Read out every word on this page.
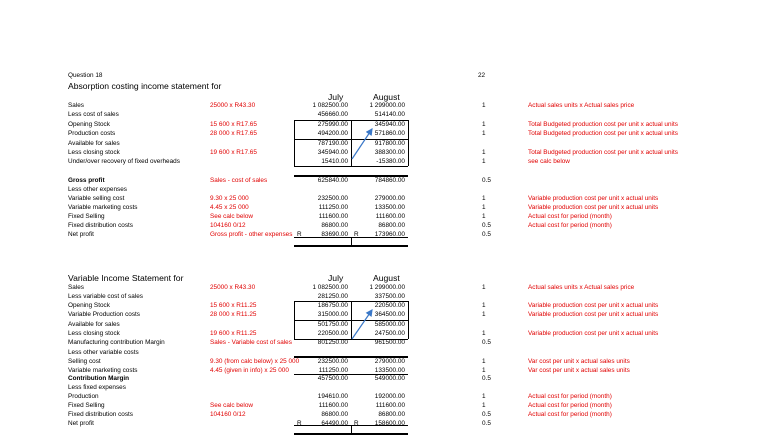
Question 18	22
Absorption costing income statement for
July	August
Sales	25000 x R43.30	1 082500.00	1 299000.00	1	Actual sales units x Actual sales price
Less cost of sales	456660.00	514140.00
Opening Stock	15 600 x R17.65	275990.00	345940.00	1	Total Budgeted production cost per unit x actual units
Production costs	28 000 x R17.65	494200.00	571860.00	1	Total Budgeted production cost per unit x actual units
Available for sales	787190.00	917800.00
Less closing stock	19 600 x R17.65	345940.00	388300.00	1	Total Budgeted production cost per unit x actual units
Under/over recovery of fixed overheads	15410.00	-15380.00	1	see calc below
Gross profit	Sales - cost of sales	625840.00	784860.00	0.5
Less other expenses
Variable selling cost	9.30 x 25 000	232500.00	279000.00	1	Variable production cost per unit x actual units
Variable marketing costs	4.45 x 25 000	111250.00	133500.00	1	Variable production cost per unit x actual units
Fixed Selling	See calc below	111600.00	111600.00	1	Actual cost for period (month)
Fixed distribution costs	104160 0/12	86800.00	86800.00	0.5	Actual cost for period (month)
Net profit	Gross profit - other expenses	83690.00	173960.00	0.5
R	R
Variable Income Statement for	July	August
Sales	25000 x R43.30	1 082500.00	1 299000.00	1	Actual sales units x Actual sales price
Less variable cost of sales	281250.00	337500.00
Opening Stock	15 600 x R11.25	186750.00	220500.00	1	Variable production cost per unit x actual units
Variable Production costs	28 000 x R11.25	315000.00	364500.00	1	Variable production cost per unit x actual units
Available for sales	501750.00	585000.00
Less closing stock	19 600 x R11.25	220500.00	247500.00	1	Variable production cost per unit x actual units
Manufacturing contribution Margin	Sales - Variable cost of sales	801250.00	961500.00	0.5
Less other variable costs
Selling cost	9.30 (from calc below) x 25 000	232500.00	279000.00	1	Var cost per unit x actual sales units
Variable marketing costs	4.45 (given in info) x 25 000	111250.00	133500.00	1	Var cost per unit x actual sales units
Contribution Margin	457500.00	549000.00	0.5
Less fixed expenses
Production	194610.00	192000.00	1	Actual cost for period (month)
Fixed Selling	See calc below	111600.00	111600.00	1	Actual cost for period (month)
Fixed distribution costs	104160 0/12	86800.00	86800.00	0.5	Actual cost for period (month)
Net profit	64490.00	158600.00	0.5
R	R
